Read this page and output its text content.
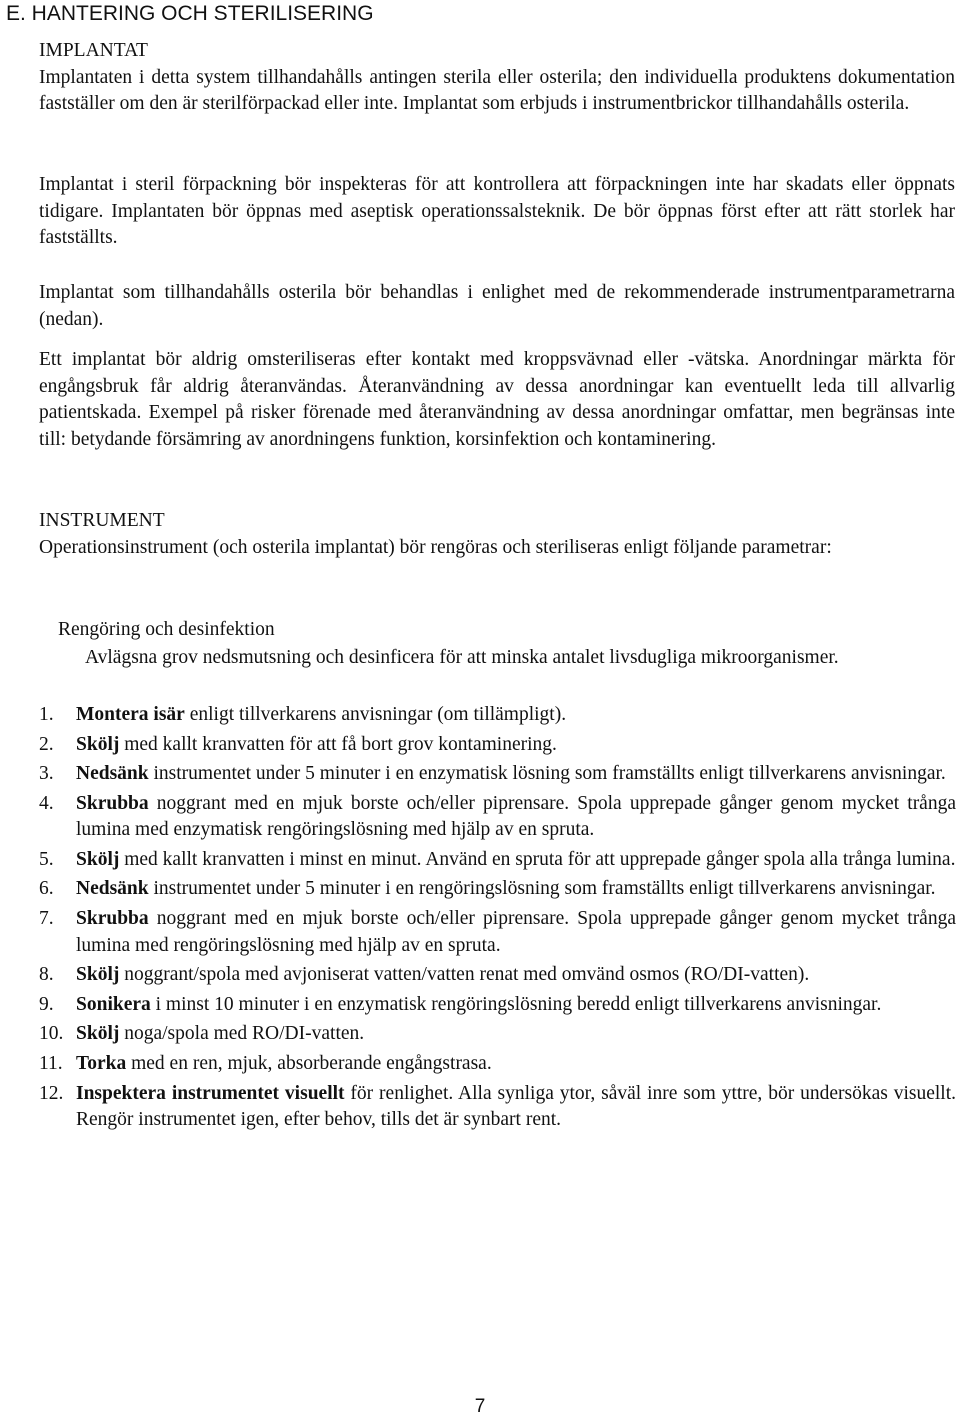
E. HANTERING OCH STERILISERING
IMPLANTAT

Implantaten i detta system tillhandahålls antingen sterila eller osterila; den individuella produktens dokumentation fastställer om den är sterilförpackad eller inte. Implantat som erbjuds i instrumentbrickor tillhandahålls osterila.

Implantat i steril förpackning bör inspekteras för att kontrollera att förpackningen inte har skadats eller öppnats tidigare. Implantaten bör öppnas med aseptisk operationssalsteknik. De bör öppnas först efter att rätt storlek har fastställts.

Implantat som tillhandahålls osterila bör behandlas i enlighet med de rekommenderade instrumentparametrarna (nedan).

Ett implantat bör aldrig omsteriliseras efter kontakt med kroppsvävnad eller -vätska. Anordningar märkta för engångsbruk får aldrig återanvändas. Återanvändning av dessa anordningar kan eventuellt leda till allvarlig patientskada. Exempel på risker förenade med återanvändning av dessa anordningar omfattar, men begränsas inte till: betydande försämring av anordningens funktion, korsinfektion och kontaminering.

INSTRUMENT

Operationsinstrument (och osterila implantat) bör rengöras och steriliseras enligt följande parametrar:

Rengöring och desinfektion

Avlägsna grov nedsmutsning och desinficera för att minska antalet livsdugliga mikroorganismer.

1. Montera isär enligt tillverkarens anvisningar (om tillämpligt).
2. Skölj med kallt kranvatten för att få bort grov kontaminering.
3. Nedsänk instrumentet under 5 minuter i en enzymatisk lösning som framställts enligt tillverkarens anvisningar.
4. Skrubba noggrant med en mjuk borste och/eller piprensare. Spola upprepade gånger genom mycket trånga lumina med enzymatisk rengöringslösning med hjälp av en spruta.
5. Skölj med kallt kranvatten i minst en minut. Använd en spruta för att upprepade gånger spola alla trånga lumina.
6. Nedsänk instrumentet under 5 minuter i en rengöringslösning som framställts enligt tillverkarens anvisningar.
7. Skrubba noggrant med en mjuk borste och/eller piprensare. Spola upprepade gånger genom mycket trånga lumina med rengöringslösning med hjälp av en spruta.
8. Skölj noggrant/spola med avjoniserat vatten/vatten renat med omvänd osmos (RO/DI-vatten).
9. Sonikera i minst 10 minuter i en enzymatisk rengöringslösning beredd enligt tillverkarens anvisningar.
10. Skölj noga/spola med RO/DI-vatten.
11. Torka med en ren, mjuk, absorberande engångstrasa.
12. Inspektera instrumentet visuellt för renlighet. Alla synliga ytor, såväl inre som yttre, bör undersökas visuellt. Rengör instrumentet igen, efter behov, tills det är synbart rent.
7
